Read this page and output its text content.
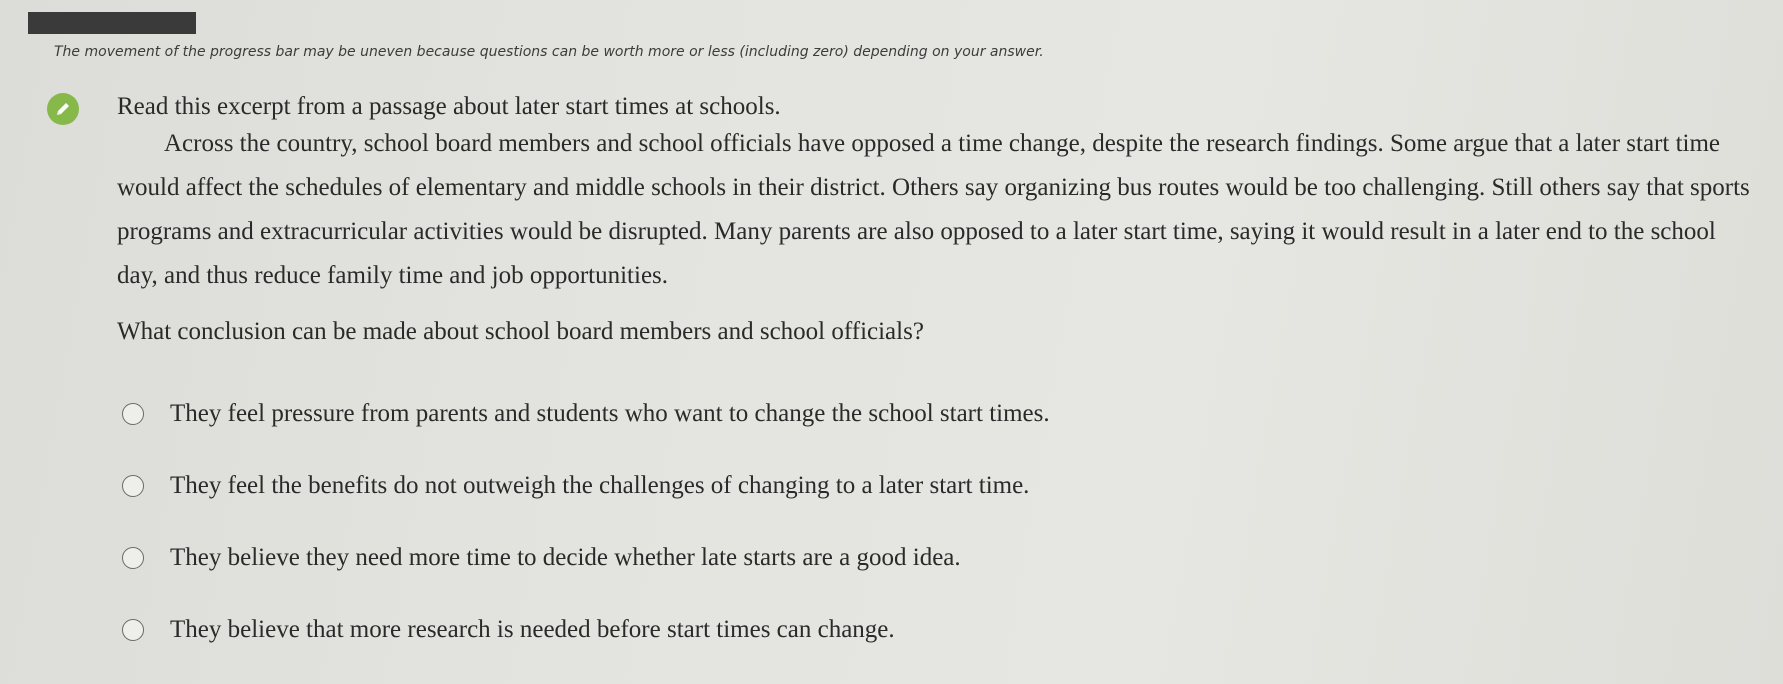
The movement of the progress bar may be uneven because questions can be worth more or less (including zero) depending on your answer.
Read this excerpt from a passage about later start times at schools.

Across the country, school board members and school officials have opposed a time change, despite the research findings. Some argue that a later start time would affect the schedules of elementary and middle schools in their district. Others say organizing bus routes would be too challenging. Still others say that sports programs and extracurricular activities would be disrupted. Many parents are also opposed to a later start time, saying it would result in a later end to the school day, and thus reduce family time and job opportunities.

What conclusion can be made about school board members and school officials?
They feel pressure from parents and students who want to change the school start times.
They feel the benefits do not outweigh the challenges of changing to a later start time.
They believe they need more time to decide whether late starts are a good idea.
They believe that more research is needed before start times can change.
